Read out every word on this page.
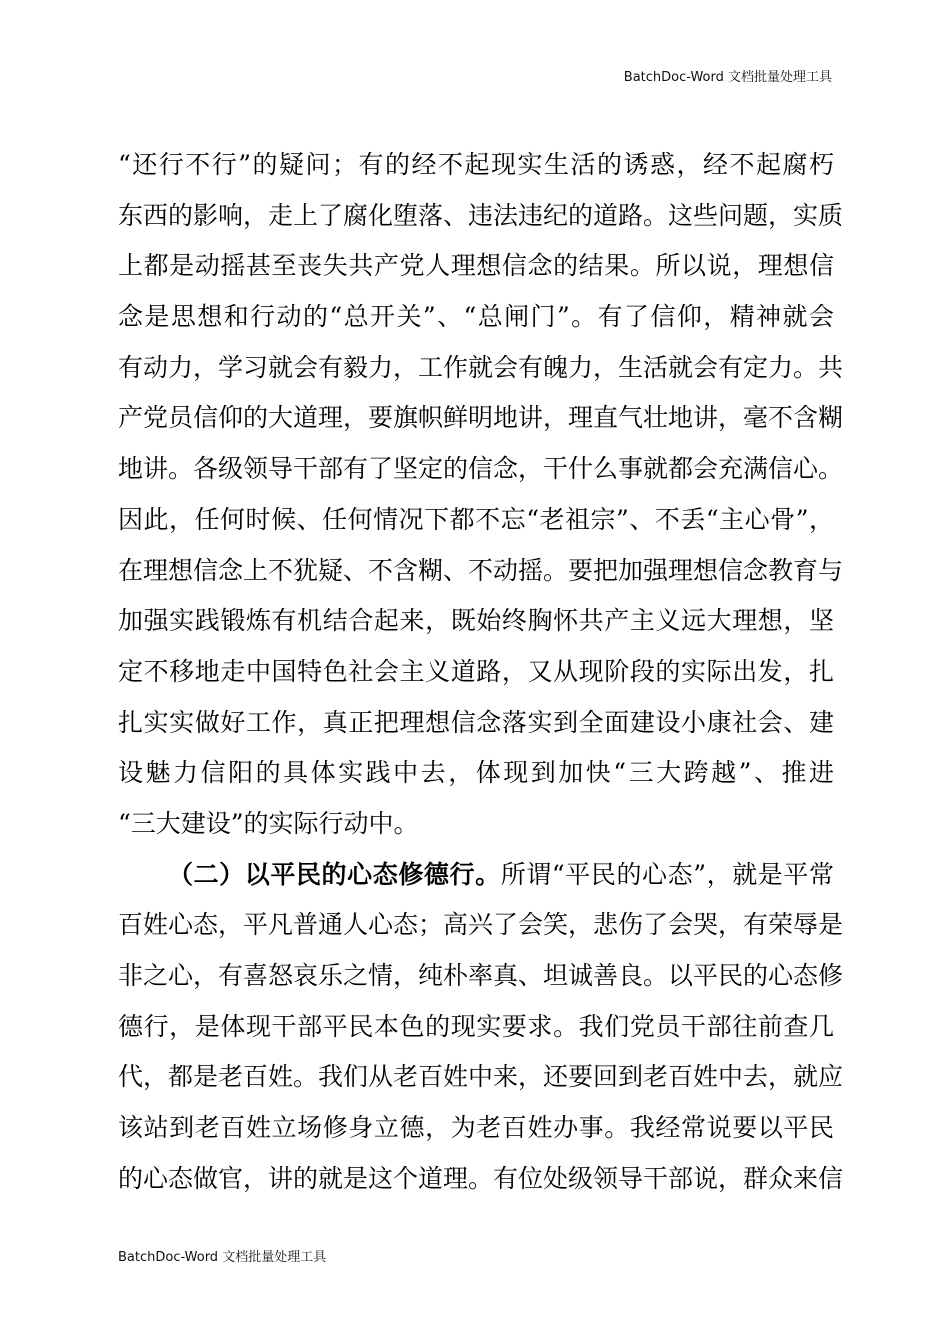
BatchDoc-Word 文档批量处理工具
“还行不行”的疑问；有的经不起现实生活的诱惑，经不起腐朽
东西的影响，走上了腐化堕落、违法违纪的道路。这些问题，实质
上都是动摇甚至丧失共产党人理想信念的结果。所以说，理想信
念是思想和行动的“总开关”、“总闸门”。有了信仰，精神就会
有动力，学习就会有毅力，工作就会有魄力，生活就会有定力。共
产党员信仰的大道理，要旗帜鲜明地讲，理直气壮地讲，毫不含糊
地讲。各级领导干部有了坚定的信念，干什么事就都会充满信心。
因此，任何时候、任何情况下都不忘“老祖宗”、不丢“主心骨”，
在理想信念上不犹疑、不含糊、不动摇。要把加强理想信念教育与
加强实践锻炼有机结合起来，既始终胸怀共产主义远大理想，坚
定不移地走中国特色社会主义道路，又从现阶段的实际出发，扎
扎实实做好工作，真正把理想信念落实到全面建设小康社会、建
设魅力信阳的具体实践中去，体现到加快“三大跨越”、推进
“三大建设”的实际行动中。
（二）以平民的心态修德行。所谓“平民的心态”，就是平常
百姓心态，平凡普通人心态；高兴了会笑，悲伤了会哭，有荣辱是
非之心，有喜怒哀乐之情，纯朴率真、坦诚善良。以平民的心态修
德行，是体现干部平民本色的现实要求。我们党员干部往前查几
代，都是老百姓。我们从老百姓中来，还要回到老百姓中去，就应
该站到老百姓立场修身立德，为老百姓办事。我经常说要以平民
的心态做官，讲的就是这个道理。有位处级领导干部说，群众来信
BatchDoc-Word 文档批量处理工具
